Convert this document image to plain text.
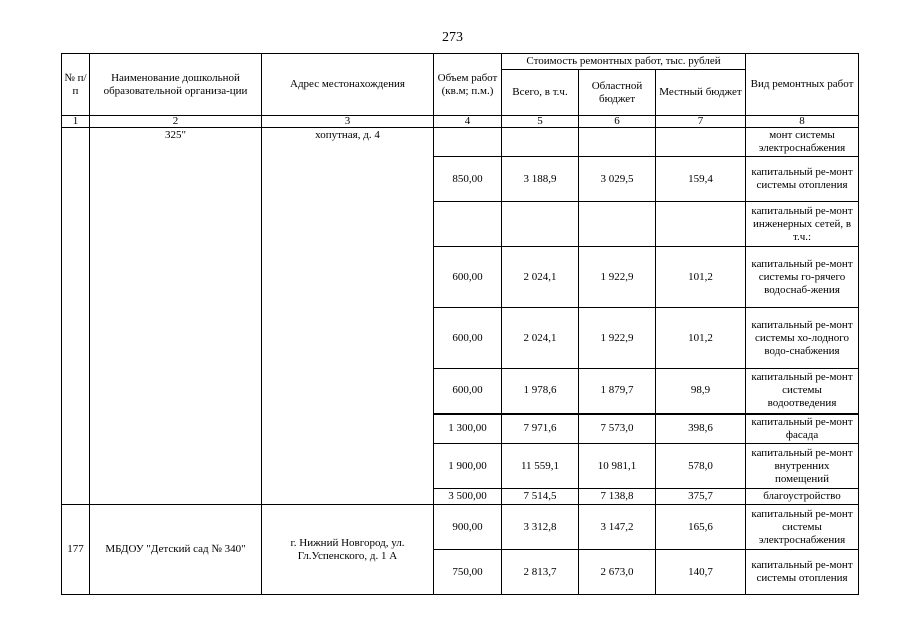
273
№ п/п	Наименование дошкольной образовательной организа-ции	Адрес местонахождения	Объем работ (кв.м; п.м.)	Стоимость ремонтных работ, тыс. рублей			Вид ремонтных работ
				Всего, в т.ч.	Областной бюджет	Местный бюджет	
1	2	3	4	5	6	7	8
	325"	хопутная, д. 4					монт системы электроснабжения
			850,00	3 188,9	3 029,5	159,4	капитальный ре-монт системы отопления
							капитальный ре-монт инженерных сетей, в т.ч.:
			600,00	2 024,1	1 922,9	101,2	капитальный ре-монт системы го-рячего водоснаб-жения
			600,00	2 024,1	1 922,9	101,2	капитальный ре-монт системы хо-лодного водо-снабжения
			600,00	1 978,6	1 879,7	98,9	капитальный ре-монт системы водоотведения
			1 300,00	7 971,6	7 573,0	398,6	капитальный ре-монт фасада
			1 900,00	11 559,1	10 981,1	578,0	капитальный ре-монт внутренних помещений
			3 500,00	7 514,5	7 138,8	375,7	благоустройство
177	МБДОУ "Детский сад № 340"	г. Нижний Новгород, ул. Гл.Успенского, д. 1 А	900,00	3 312,8	3 147,2	165,6	капитальный ре-монт системы электроснабжения
			750,00	2 813,7	2 673,0	140,7	капитальный ре-монт системы отопления
